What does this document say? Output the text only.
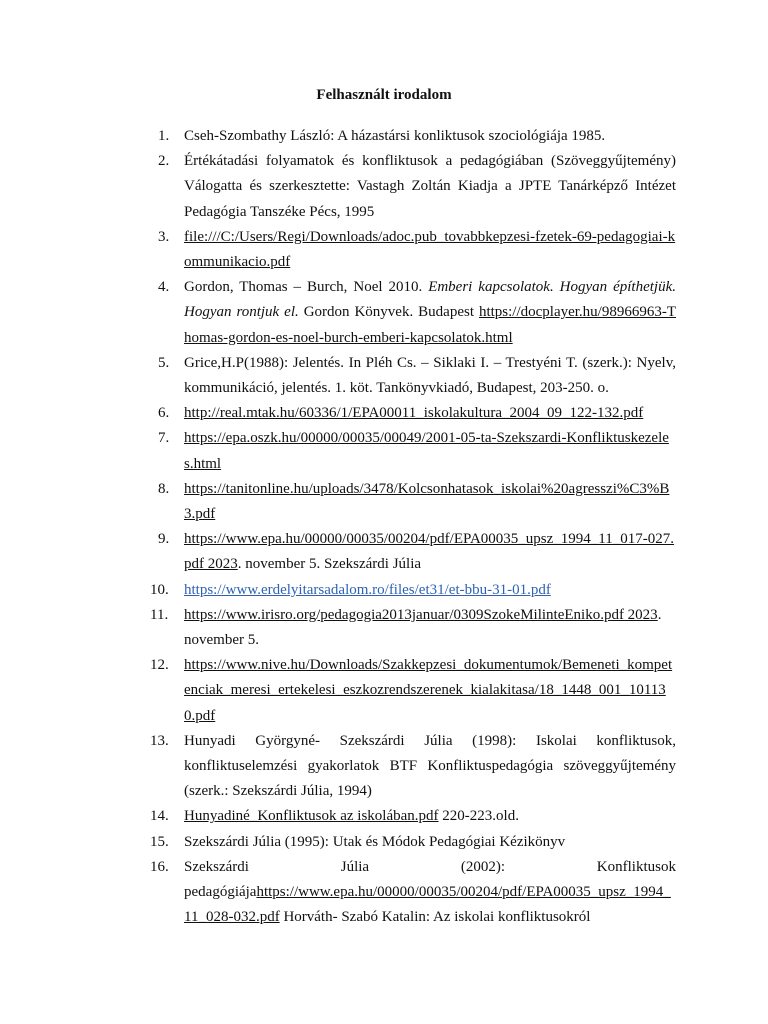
Felhasznált irodalom
1. Cseh-Szombathy László: A házastársi konliktusok szociológiája 1985.
2. Értékátadási folyamatok és konfliktusok a pedagógiában (Szöveggyűjtemény) Válogatta és szerkesztette: Vastagh Zoltán Kiadja a JPTE Tanárképző Intézet Pedagógia Tanszéke Pécs, 1995
3. file:///C:/Users/Regi/Downloads/adoc.pub_tovabbkepzesi-fzetek-69-pedagogiai-kommunikacio.pdf
4. Gordon, Thomas – Burch, Noel 2010. Emberi kapcsolatok. Hogyan építhetjük. Hogyan rontjuk el. Gordon Könyvek. Budapest https://docplayer.hu/98966963-Thomas-gordon-es-noel-burch-emberi-kapcsolatok.html
5. Grice,H.P(1988): Jelentés. In Pléh Cs. – Siklaki I. – Trestyéni T. (szerk.): Nyelv, kommunikáció, jelentés. 1. köt. Tankönyvkiadó, Budapest, 203-250. o.
6. http://real.mtak.hu/60336/1/EPA00011_iskolakultura_2004_09_122-132.pdf
7. https://epa.oszk.hu/00000/00035/00049/2001-05-ta-Szekszardi-Konfliktuskezeles.html
8. https://tanitonline.hu/uploads/3478/Kolcsonhatasok_iskolai%20agresszi%C3%B3.pdf
9. https://www.epa.hu/00000/00035/00204/pdf/EPA00035_upsz_1994_11_017-027.pdf 2023. november 5. Szekszárdi Júlia
10.	https://www.erdelyitarsadalom.ro/files/et31/et-bbu-31-01.pdf
11.	https://www.irisro.org/pedagogia2013januar/0309SzokeMilinteEniko.pdf 2023. november 5.
12.	https://www.nive.hu/Downloads/Szakkepzesi_dokumentumok/Bemeneti_kompetenciak_meresi_ertekelesi_eszkozrendszerenek_kialakitasa/18_1448_001_101130.pdf
13.	Hunyadi Györgyné- Szekszárdi Júlia (1998): Iskolai konfliktusok, konfliktuselemzési gyakorlatok BTF Konfliktuspedagógia szöveggyűjtemény (szerk.: Szekszárdi Júlia, 1994)
14.	Hunyadiné_Konfliktusok az iskolában.pdf 220-223.old.
15.	Szekszárdi Júlia (1995): Utak és Módok Pedagógiai Kézikönyv
16.	Szekszárdi	Júlia	(2002):	Konfliktusok
pedagógiájahttps://www.epa.hu/00000/00035/00204/pdf/EPA00035_upsz_1994_11_028-032.pdf Horváth- Szabó Katalin: Az iskolai konfliktusokról
